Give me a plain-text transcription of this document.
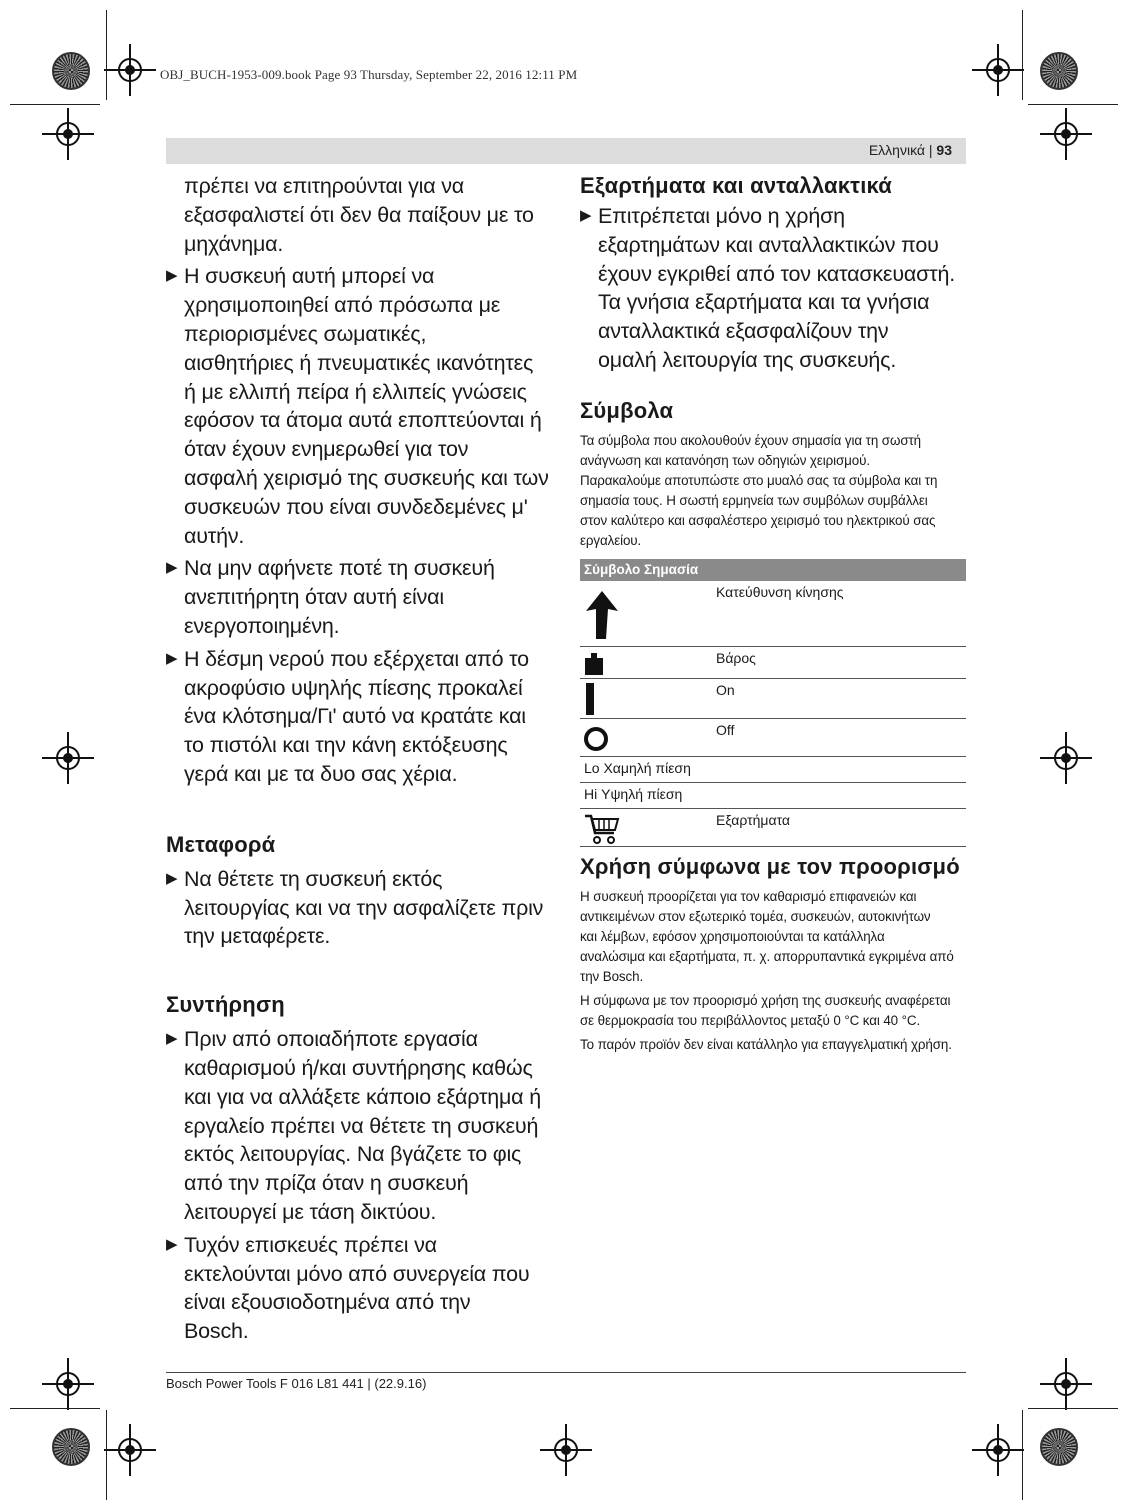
OBJ_BUCH-1953-009.book Page 93 Thursday, September 22, 2016 12:11 PM
Ελληνικά | 93
πρέπει να επιτηρούνται για να
εξασφαλιστεί ότι δεν θα παίξουν με το
μηχάνημα.
▶ Η συσκευή αυτή μπορεί να
χρησιμοποιηθεί από πρόσωπα με
περιορισμένες σωματικές,
αισθητήριες ή πνευματικές ικανότητες
ή με ελλιπή πείρα ή ελλιπείς γνώσεις
εφόσον τα άτομα αυτά εποπτεύονται ή
όταν έχουν ενημερωθεί για τον
ασφαλή χειρισμό της συσκευής και των
συσκευών που είναι συνδεδεμένες μ'
αυτήν.
▶ Να μην αφήνετε ποτέ τη συσκευή
ανεπιτήρητη όταν αυτή είναι
ενεργοποιημένη.
▶ Η δέσμη νερού που εξέρχεται από το
ακροφύσιο υψηλής πίεσης προκαλεί
ένα κλότσημα/Γι' αυτό να κρατάτε και
το πιστόλι και την κάνη εκτόξευσης
γερά και με τα δυο σας χέρια.
Μεταφορά
▶ Να θέτετε τη συσκευή εκτός
λειτουργίας και να την ασφαλίζετε πριν
την μεταφέρετε.
Συντήρηση
▶ Πριν από οποιαδήποτε εργασία
καθαρισμού ή/και συντήρησης καθώς
και για να αλλάξετε κάποιο εξάρτημα ή
εργαλείο πρέπει να θέτετε τη συσκευή
εκτός λειτουργίας. Να βγάζετε το φις
από την πρίζα όταν η συσκευή
λειτουργεί με τάση δικτύου.
▶ Τυχόν επισκευές πρέπει να
εκτελούνται μόνο από συνεργεία που
είναι εξουσιοδοτημένα από την
Bosch.
Εξαρτήματα και ανταλλακτικά
▶ Επιτρέπεται μόνο η χρήση
εξαρτημάτων και ανταλλακτικών που
έχουν εγκριθεί από τον κατασκευαστή.
Τα γνήσια εξαρτήματα και τα γνήσια
ανταλλακτικά εξασφαλίζουν την
ομαλή λειτουργία της συσκευής.
Σύμβολα
Τα σύμβολα που ακολουθούν έχουν σημασία για τη σωστή
ανάγνωση και κατανόηση των οδηγιών χειρισμού.
Παρακαλούμε αποτυπώστε στο μυαλό σας τα σύμβολα και τη
σημασία τους. Η σωστή ερμηνεία των συμβόλων συμβάλλει
στον καλύτερο και ασφαλέστερο χειρισμό του ηλεκτρικού σας
εργαλείου.
Σύμβολο Σημασία
Κατεύθυνση κίνησης
Βάρος
On
Off
Lo Χαμηλή πίεση
Hi Υψηλή πίεση
Εξαρτήματα
Χρήση σύμφωνα με τον προορισμό
Η συσκευή προορίζεται για τον καθαρισμό επιφανειών και
αντικειμένων στον εξωτερικό τομέα, συσκευών, αυτοκινήτων
και λέμβων, εφόσον χρησιμοποιούνται τα κατάλληλα
αναλώσιμα και εξαρτήματα, π. χ. απορρυπαντικά εγκριμένα από
την Bosch.
Η σύμφωνα με τον προορισμό χρήση της συσκευής αναφέρεται
σε θερμοκρασία του περιβάλλοντος μεταξύ 0 °C και 40 °C.
Το παρόν προϊόν δεν είναι κατάλληλο για επαγγελματική χρήση.
Bosch Power Tools F 016 L81 441 | (22.9.16)
